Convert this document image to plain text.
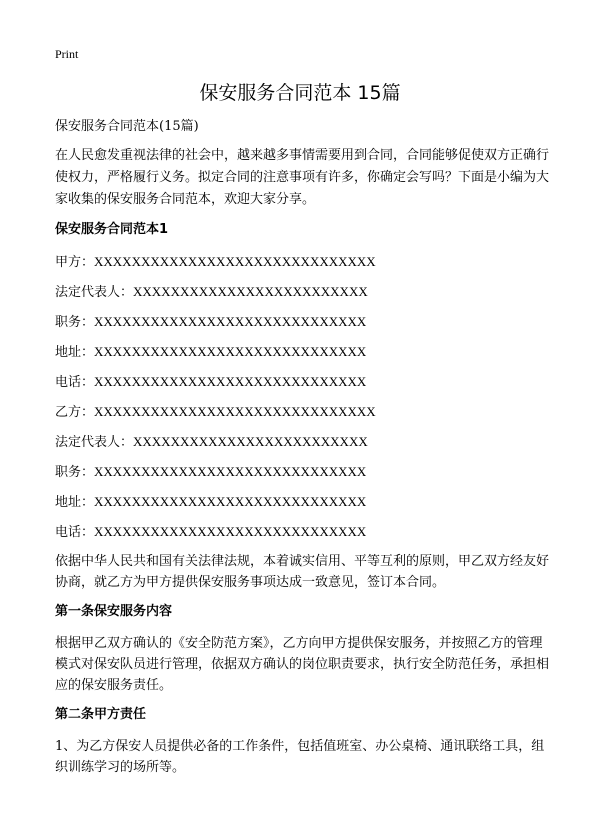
Print
保安服务合同范本 15篇

保安服务合同范本(15篇)

在人民愈发重视法律的社会中，越来越多事情需要用到合同，合同能够促使双方正确行使权力，严格履行义务。拟定合同的注意事项有许多，你确定会写吗？下面是小编为大家收集的保安服务合同范本，欢迎大家分享。

保安服务合同范本1
甲方：XXXXXXXXXXXXXXXXXXXXXXXXXXXXXX
法定代表人：XXXXXXXXXXXXXXXXXXXXXXXXX
职务：XXXXXXXXXXXXXXXXXXXXXXXXXXXXX
地址：XXXXXXXXXXXXXXXXXXXXXXXXXXXXX
电话：XXXXXXXXXXXXXXXXXXXXXXXXXXXXX
乙方：XXXXXXXXXXXXXXXXXXXXXXXXXXXXXX
法定代表人：XXXXXXXXXXXXXXXXXXXXXXXXX
职务：XXXXXXXXXXXXXXXXXXXXXXXXXXXXX
地址：XXXXXXXXXXXXXXXXXXXXXXXXXXXXX
电话：XXXXXXXXXXXXXXXXXXXXXXXXXXXXX

依据中华人民共和国有关法律法规，本着诚实信用、平等互利的原则，甲乙双方经友好协商，就乙方为甲方提供保安服务事项达成一致意见，签订本合同。

第一条保安服务内容

根据甲乙双方确认的《安全防范方案》，乙方向甲方提供保安服务，并按照乙方的管理模式对保安队员进行管理，依据双方确认的岗位职责要求，执行安全防范任务，承担相应的保安服务责任。

第二条甲方责任

1、为乙方保安人员提供必备的工作条件，包括值班室、办公桌椅、通讯联络工具，组织训练学习的场所等。
